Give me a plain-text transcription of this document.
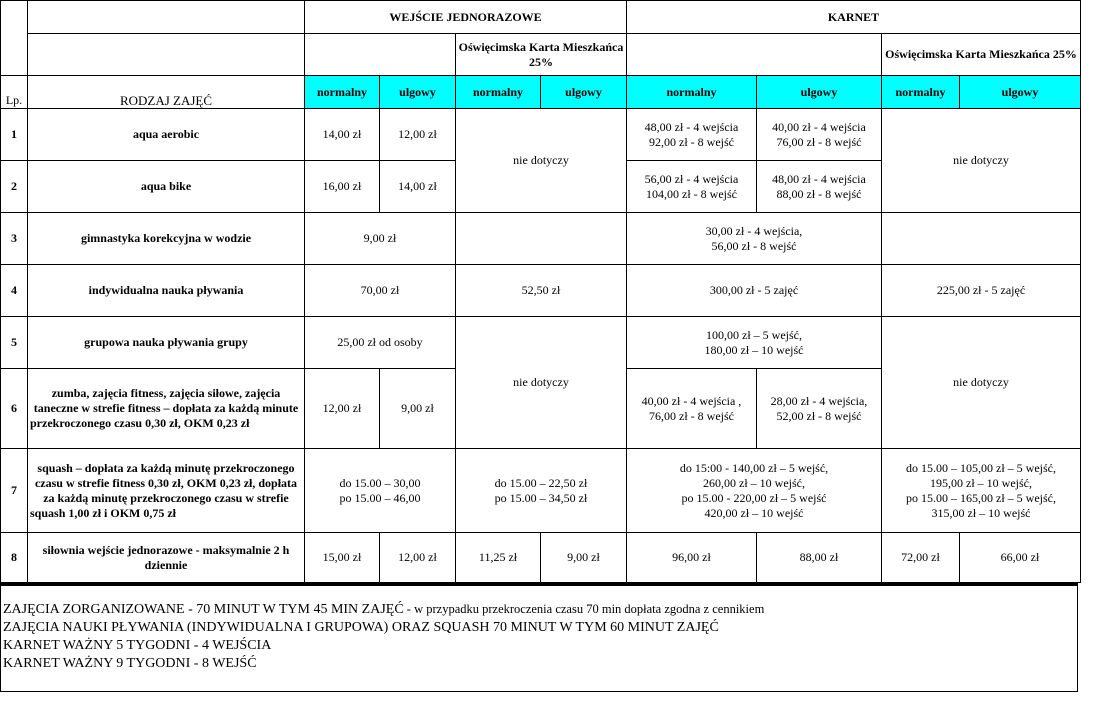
		WEJŚCIE JEDNORAZOWE				KARNET			
				Oświęcimska Karta Mieszkańca 25%				Oświęcimska Karta Mieszkańca 25%	
Lp.	RODZAJ ZAJĘĆ	normalny	ulgowy	normalny	ulgowy	normalny	ulgowy	normalny	ulgowy
1	aqua aerobic	14,00 zł	12,00 zł	nie dotyczy		48,00 zł - 4 wejścia
92,00 zł - 8 wejść	40,00 zł - 4 wejścia
76,00 zł - 8 wejść	nie dotyczy	
2	aqua bike	16,00 zł	14,00 zł			56,00 zł - 4 wejścia
104,00 zł - 8 wejść	48,00 zł - 4 wejścia
88,00 zł - 8 wejść		
3	gimnastyka korekcyjna w wodzie	9,00 zł				30,00 zł - 4 wejścia,
56,00 zł - 8 wejść			
4	indywidualna nauka pływania	70,00 zł		52,50 zł		300,00 zł - 5 zajęć		225,00 zł - 5 zajęć	
5	grupowa nauka pływania grupy	25,00 zł od osoby		nie dotyczy		100,00 zł – 5 wejść,
180,00 zł – 10 wejść		nie dotyczy	
6	zumba, zajęcia fitness, zajęcia siłowe, zajęcia taneczne w strefie fitness – dopłata za każdą minute przekroczonego czasu 0,30 zł, OKM 0,23 zł	12,00 zł	9,00 zł			40,00 zł - 4 wejścia ,
76,00 zł - 8 wejść	28,00 zł - 4 wejścia,
52,00 zł - 8 wejść		
7	squash – dopłata za każdą minutę przekroczonego czasu w strefie fitness 0,30 zł, OKM 0,23 zł, dopłata za każdą minutę przekroczonego czasu w strefie squash 1,00 zł i OKM 0,75 zł	do 15.00 – 30,00
po 15.00 – 46,00		do 15.00 – 22,50 zł
po 15.00 – 34,50 zł		do 15:00 - 140,00 zł – 5 wejść,
260,00 zł – 10 wejść,
po 15.00 - 220,00 zł – 5 wejść
420,00 zł – 10 wejść		do 15.00 – 105,00 zł – 5 wejść,
195,00 zł – 10 wejść,
po 15.00 – 165,00 zł – 5 wejść,
315,00 zł – 10 wejść	
8	siłownia wejście jednorazowe - maksymalnie 2 h dziennie	15,00 zł	12,00 zł	11,25 zł	9,00 zł	96,00 zł	88,00 zł	72,00 zł	66,00 zł
ZAJĘCIA ZORGANIZOWANE - 70 MINUT W TYM 45 MIN ZAJĘĆ - w przypadku przekroczenia czasu 70 min dopłata zgodna z cennikiem
ZAJĘCIA NAUKI PŁYWANIA (INDYWIDUALNA I GRUPOWA) ORAZ SQUASH 70 MINUT W TYM 60 MINUT ZAJĘĆ
KARNET WAŻNY 5 TYGODNI - 4 WEJŚCIA
KARNET WAŻNY 9 TYGODNI - 8 WEJŚĆ
